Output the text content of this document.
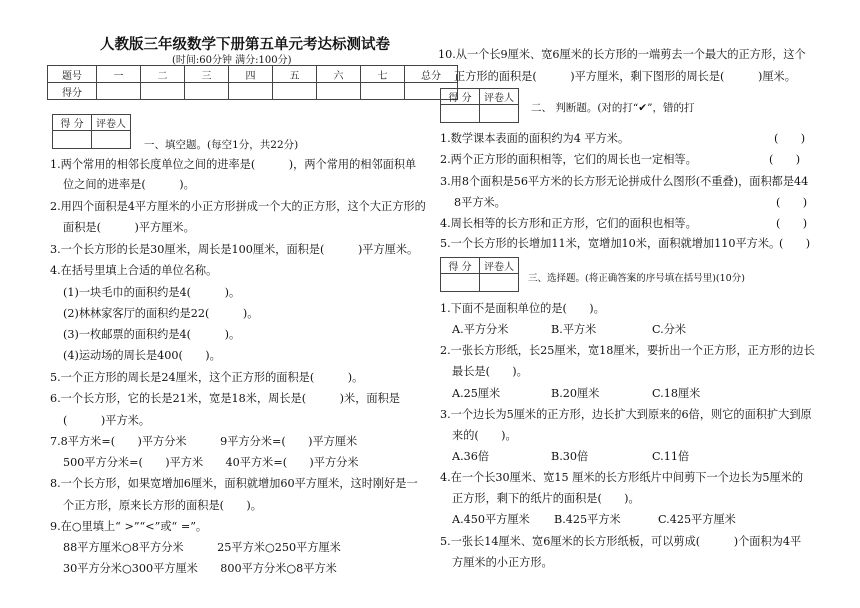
人教版三年级数学下册第五单元考达标测试卷
(时间:60分钟 满分:100分)
题号	一	二	三	四	五	六	七	总分
得分								
得 分	评卷人

一、填空题。(每空1分，共22分)
1.两个常用的相邻长度单位之间的进率是(　　　)，两个常用的相邻面积单
位之间的进率是(　　　)。
2.用四个面积是4平方厘米的小正方形拼成一个大的正方形，这个大正方形的
面积是(　　　)平方厘米。
3.一个长方形的长是30厘米，周长是100厘米，面积是(　　　)平方厘米。
4.在括号里填上合适的单位名称。
(1)一块毛巾的面积约是4(　　　)。
(2)林林家客厅的面积约是22(　　　)。
(3)一枚邮票的面积约是4(　　　)。
(4)运动场的周长是400(　　)。
5.一个正方形的周长是24厘米，这个正方形的面积是(　　　)。
6.一个长方形，它的长是21米，宽是18米，周长是(　　　)米，面积是
(　　　)平方米。
7.8平方米=(　　)平方分米　　　9平方分米=(　　)平方厘米
500平方分米=(　　)平方米　　40平方米=(　　)平方分米
8.一个长方形，如果宽增加6厘米，面积就增加60平方厘米，这时刚好是一
个正方形，原来长方形的面积是(　　)。
9.在○里填上“ >”“<”或“ =”。
88平方厘米○8平方分米　　　25平方米○250平方厘米
30平方分米○300平方厘米　　800平方分米○8平方米
10.从一个长9厘米、宽6厘米的长方形的一端剪去一个最大的正方形，这个
正方形的面积是(　　　)平方厘米，剩下图形的周长是(　　　)厘米。
得 分	评卷人

二、 判断题。(对的打“✔”，错的打
1.数学课本表面的面积约为4 平方米。	(　　)
2.两个正方形的面积相等，它们的周长也一定相等。	(　　)
3.用8个面积是56平方米的长方形无论拼成什么图形(不重叠)，面积都是44
8平方米。	(　　)
4.周长相等的长方形和正方形，它们的面积也相等。	(　　)
5.一个长方形的长增加11米，宽增加10米，面积就增加110平方米。
(　　)
得 分	评卷人

三、选择题。(将正确答案的序号填在括号里)(10分)
1.下面不是面积单位的是(　　)。
A.平方分米	B.平方米	C.分米
2.一张长方形纸，长25厘米，宽18厘米，要折出一个正方形，正方形的边长
最长是(　　)。
A.25厘米	B.20厘米	C.18厘米
3.一个边长为5厘米的正方形，边长扩大到原来的6倍，则它的面积扩大到原
来的(　　)。
A.36倍	B.30倍	C.11倍
4.在一个长30厘米、宽15 厘米的长方形纸片中间剪下一个边长为5厘米的
正方形，剩下的纸片的面积是(　　)。
A.450平方厘米 B.425平方米	C.425平方厘米
5.一张长14厘米、宽6厘米的长方形纸板，可以剪成(　　　)个面积为4平
方厘米的小正方形。
